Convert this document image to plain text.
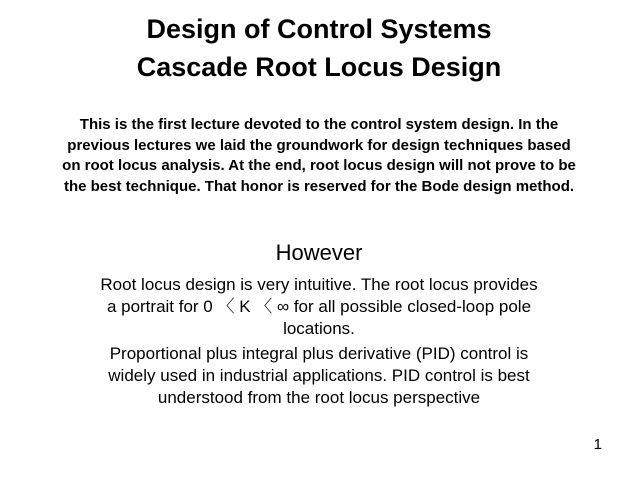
Design of Control Systems
Cascade Root Locus Design
This is the first lecture devoted to the control system design. In the previous lectures we laid the groundwork for design techniques based on root locus analysis. At the end, root locus design will not prove to be the best technique. That honor is reserved for the Bode design method.
However
Root locus design is very intuitive. The root locus provides a portrait for 0 〈 K 〈 ∞ for all possible closed-loop pole locations.
Proportional plus integral plus derivative (PID) control is widely used in industrial applications. PID control is best understood from the root locus perspective
1
